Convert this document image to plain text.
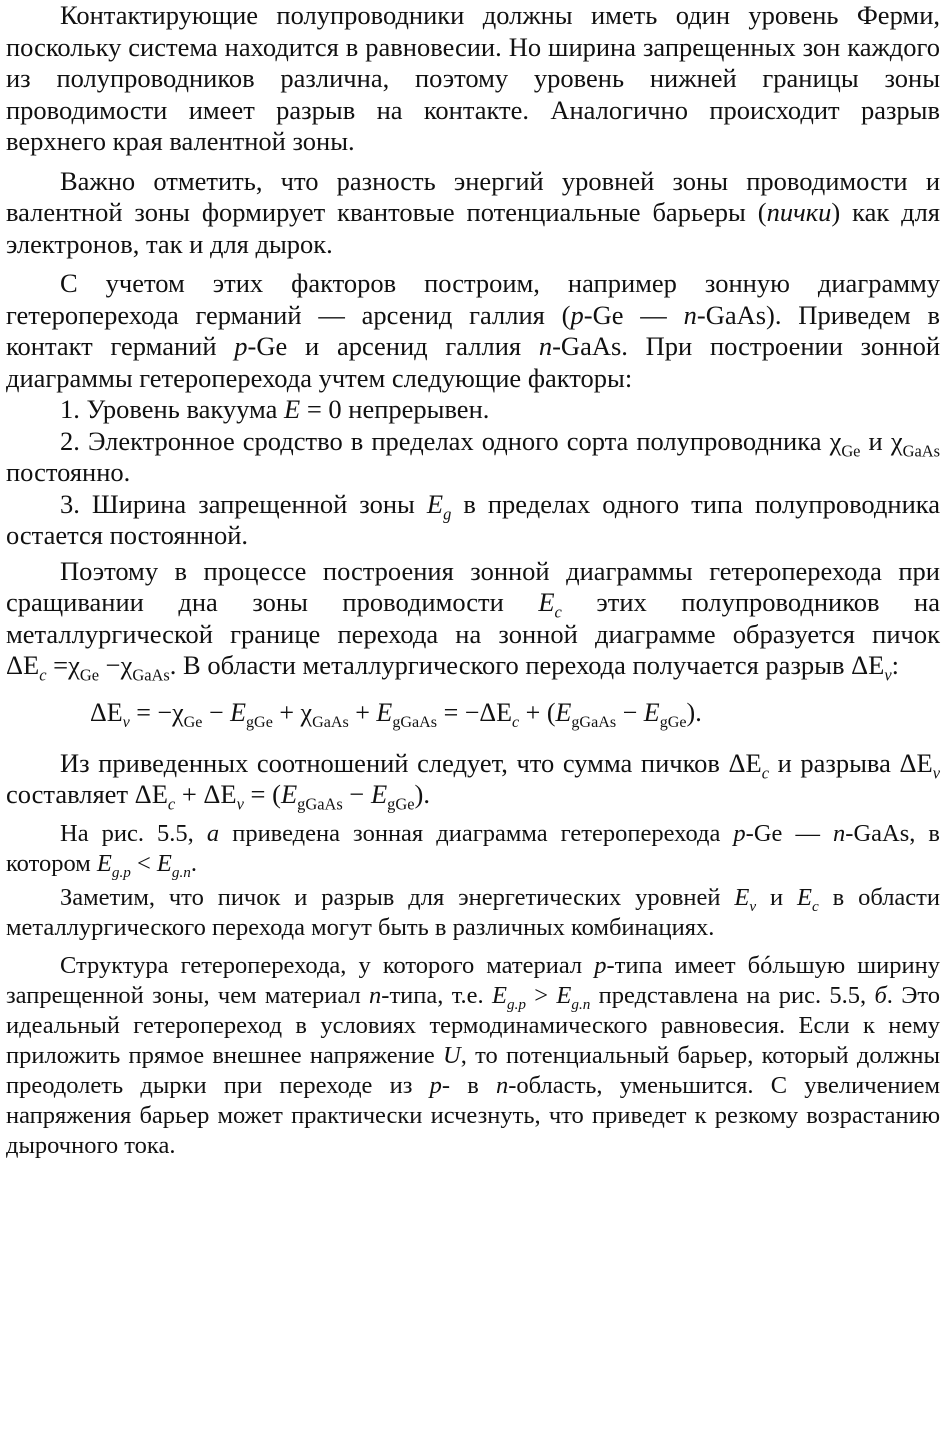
Контактирующие полупроводники должны иметь один уровень Ферми, поскольку система находится в равновесии. Но ширина запрещенных зон каждого из полупроводников различна, поэтому уровень нижней границы зоны проводимости имеет разрыв на контакте. Аналогично происходит разрыв верхнего края валентной зоны.

Важно отметить, что разность энергий уровней зоны проводимости и валентной зоны формирует квантовые потенциальные барьеры (пички) как для электронов, так и для дырок.

С учетом этих факторов построим, например зонную диаграмму гетероперехода германий — арсенид галлия (p-Ge — n-GaAs). Приведем в контакт германий p-Ge и арсенид галлия n-GaAs. При построении зонной диаграммы гетероперехода учтем следующие факторы:

1. Уровень вакуума E = 0 непрерывен.

2. Электронное сродство в пределах одного сорта полупроводника $\chi_{Ge}$ и $\chi_{GaAs}$ постоянно.

3. Ширина запрещенной зоны $E_g$ в пределах одного типа полупроводника остается постоянной.

Поэтому в процессе построения зонной диаграммы гетероперехода при сращивании дна зоны проводимости $E_c$ этих полупроводников на металлургической границе перехода на зонной диаграмме образуется пичок $\Delta E_c =\chi_{Ge} -\chi_{GaAs}$. В области металлургического перехода получается разрыв $\Delta E_v$:

$\Delta E_v = -\chi_{Ge} - E_{gGe} + \chi_{GaAs} + E_{gGaAs} = -\Delta E_c + (E_{gGaAs} - E_{gGe})$.

Из приведенных соотношений следует, что сумма пичков $\Delta E_c$ и разрыва $\Delta E_v$ составляет $\Delta E_c + \Delta E_v = (E_{gGaAs} - E_{gGe})$.

На рис. 5.5, а приведена зонная диаграмма гетероперехода p-Ge — n-GaAs, в котором $E_{g.p} < E_{g.n}$.

Заметим, что пичок и разрыв для энергетических уровней $E_v$ и $E_c$ в области металлургического перехода могут быть в различных комбинациях.

Структура гетероперехода, у которого материал p-типа имеет бóльшую ширину запрещенной зоны, чем материал n-типа, т.е. $E_{g.p} > E_{g.n}$ представлена на рис. 5.5, б. Это идеальный гетеропереход в условиях термодинамического равновесия. Если к нему приложить прямое внешнее напряжение U, то потенциальный барьер, который должны преодолеть дырки при переходе из p- в n-область, уменьшится. С увеличением напряжения барьер может практически исчезнуть, что приведет к резкому возрастанию дырочного тока.
